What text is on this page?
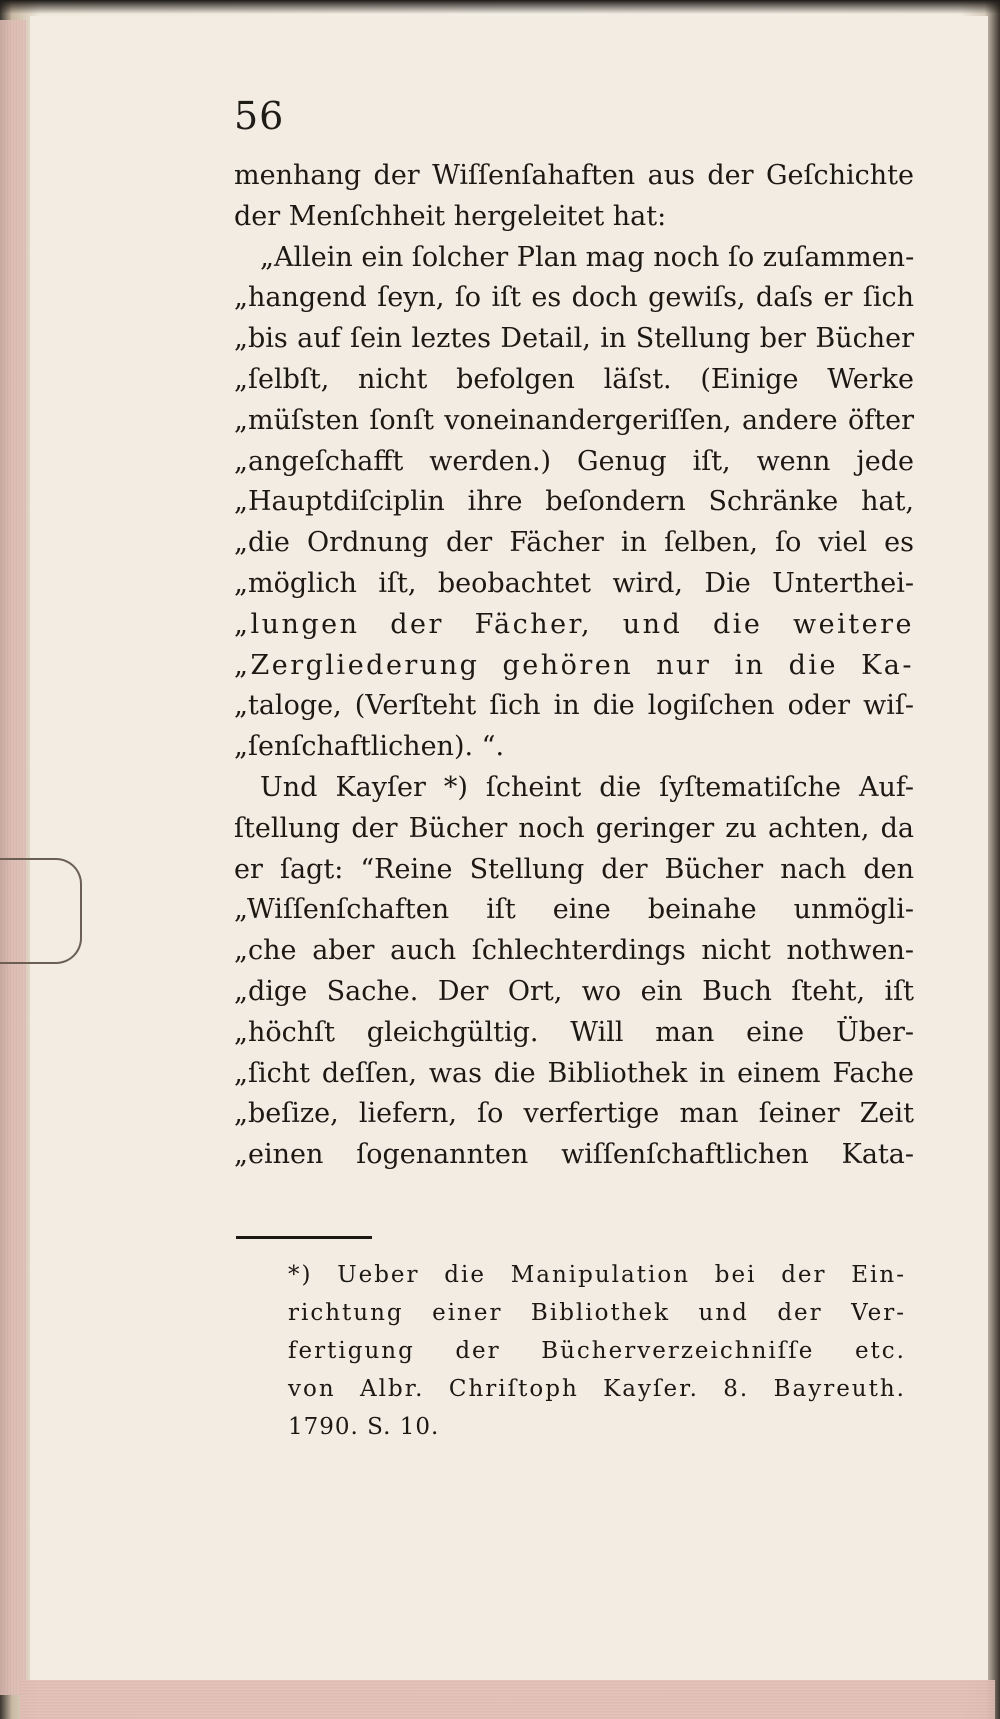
56
menhang der Wiſſenſahaften aus der Geſchichte
der Menſchheit hergeleitet hat:
„Allein ein ſolcher Plan mag noch ſo zuſammen-
„hangend ſeyn, ſo iſt es doch gewiſs, daſs er ſich
„bis auf ſein leztes Detail, in Stellung ber Bücher
„ſelbſt, nicht befolgen läſst. (Einige Werke
„müſsten ſonſt voneinandergeriſſen, andere öfter
„angeſchafft werden.) Genug iſt, wenn jede
„Hauptdiſciplin ihre beſondern Schränke hat,
„die Ordnung der Fächer in ſelben, ſo viel es
„möglich iſt, beobachtet wird, Die Unterthei-
„lungen der Fächer, und die weitere
„Zergliederung gehören nur in die Ka-
„taloge, (Verſteht ſich in die logiſchen oder wiſ-
„ſenſchaftlichen). “.
Und Kayſer *) ſcheint die ſyſtematiſche Auf-
ſtellung der Bücher noch geringer zu achten, da
er ſagt: “Reine Stellung der Bücher nach den
„Wiſſenſchaften iſt eine beinahe unmögli-
„che aber auch ſchlechterdings nicht nothwen-
„dige Sache. Der Ort, wo ein Buch ſteht, iſt
„höchſt gleichgültig. Will man eine Über-
„ſicht deſſen, was die Bibliothek in einem Fache
„beſize, liefern, ſo verfertige man ſeiner Zeit
„einen ſogenannten wiſſenſchaftlichen Kata-
*) Ueber die Manipulation bei der Ein-
richtung einer Bibliothek und der Ver-
fertigung der Bücherverzeichniſſe etc.
von Albr. Chriſtoph Kayſer. 8. Bayreuth.
1790. S. 10.
